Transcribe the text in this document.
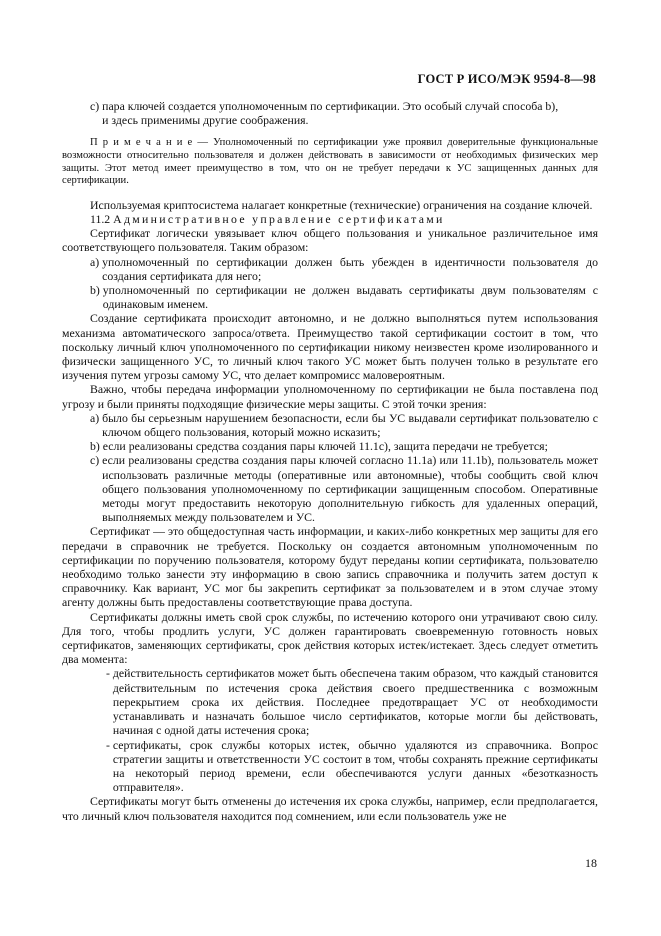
ГОСТ Р ИСО/МЭК 9594-8—98
c) пара ключей создается уполномоченным по сертификации. Это особый случай способа b),
и здесь применимы другие соображения.

П р и м е ч а н и е — Уполномоченный по сертификации уже проявил доверительные функциональные возможности относительно пользователя и должен действовать в зависимости от необходимых физических мер защиты. Этот метод имеет преимущество в том, что он не требует передачи к УС защищенных данных для сертификации.

Используемая криптосистема налагает конкретные (технические) ограничения на создание ключей.

11.2 Административное управление сертификатами

Сертификат логически увязывает ключ общего пользования и уникальное различительное имя соответствующего пользователя. Таким образом:

а) уполномоченный по сертификации должен быть убежден в идентичности пользователя до создания сертификата для него;
b) уполномоченный по сертификации не должен выдавать сертификаты двум пользователям с одинаковым именем.

Создание сертификата происходит автономно, и не должно выполняться путем использования механизма автоматического запроса/ответа. Преимущество такой сертификации состоит в том, что поскольку личный ключ уполномоченного по сертификации никому неизвестен кроме изолированного и физически защищенного УС, то личный ключ такого УС может быть получен только в результате его изучения путем угрозы самому УС, что делает компромисс маловероятным.

Важно, чтобы передача информации уполномоченному по сертификации не была поставлена под угрозу и были приняты подходящие физические меры защиты. С этой точки зрения:

а) было бы серьезным нарушением безопасности, если бы УС выдавали сертификат пользователю с ключом общего пользования, который можно исказить;
b) если реализованы средства создания пары ключей 11.1с), защита передачи не требуется;
c) если реализованы средства создания пары ключей согласно 11.1а) или 11.1b), пользователь может использовать различные методы (оперативные или автономные), чтобы сообщить свой ключ общего пользования уполномоченному по сертификации защищенным способом. Оперативные методы могут предоставить некоторую дополнительную гибкость для удаленных операций, выполняемых между пользователем и УС.

Сертификат — это общедоступная часть информации, и каких-либо конкретных мер защиты для его передачи в справочник не требуется. Поскольку он создается автономным уполномоченным по сертификации по поручению пользователя, которому будут переданы копии сертификата, пользователю необходимо только занести эту информацию в свою запись справочника и получить затем доступ к справочнику. Как вариант, УС мог бы закрепить сертификат за пользователем и в этом случае этому агенту должны быть предоставлены соответствующие права доступа.

Сертификаты должны иметь свой срок службы, по истечению которого они утрачивают свою силу. Для того, чтобы продлить услуги, УС должен гарантировать своевременную готовность новых сертификатов, заменяющих сертификаты, срок действия которых истек/истекает. Здесь следует отметить два момента:

- действительность сертификатов может быть обеспечена таким образом, что каждый становится действительным по истечения срока действия своего предшественника с возможным перекрытием срока их действия. Последнее предотвращает УС от необходимости устанавливать и назначать большое число сертификатов, которые могли бы действовать, начиная с одной даты истечения срока;
- сертификаты, срок службы которых истек, обычно удаляются из справочника. Вопрос стратегии защиты и ответственности УС состоит в том, чтобы сохранять прежние сертификаты на некоторый период времени, если обеспечиваются услуги данных «безотказность отправителя».

Сертификаты могут быть отменены до истечения их срока службы, например, если предполагается, что личный ключ пользователя находится под сомнением, или если пользователь уже не

18
